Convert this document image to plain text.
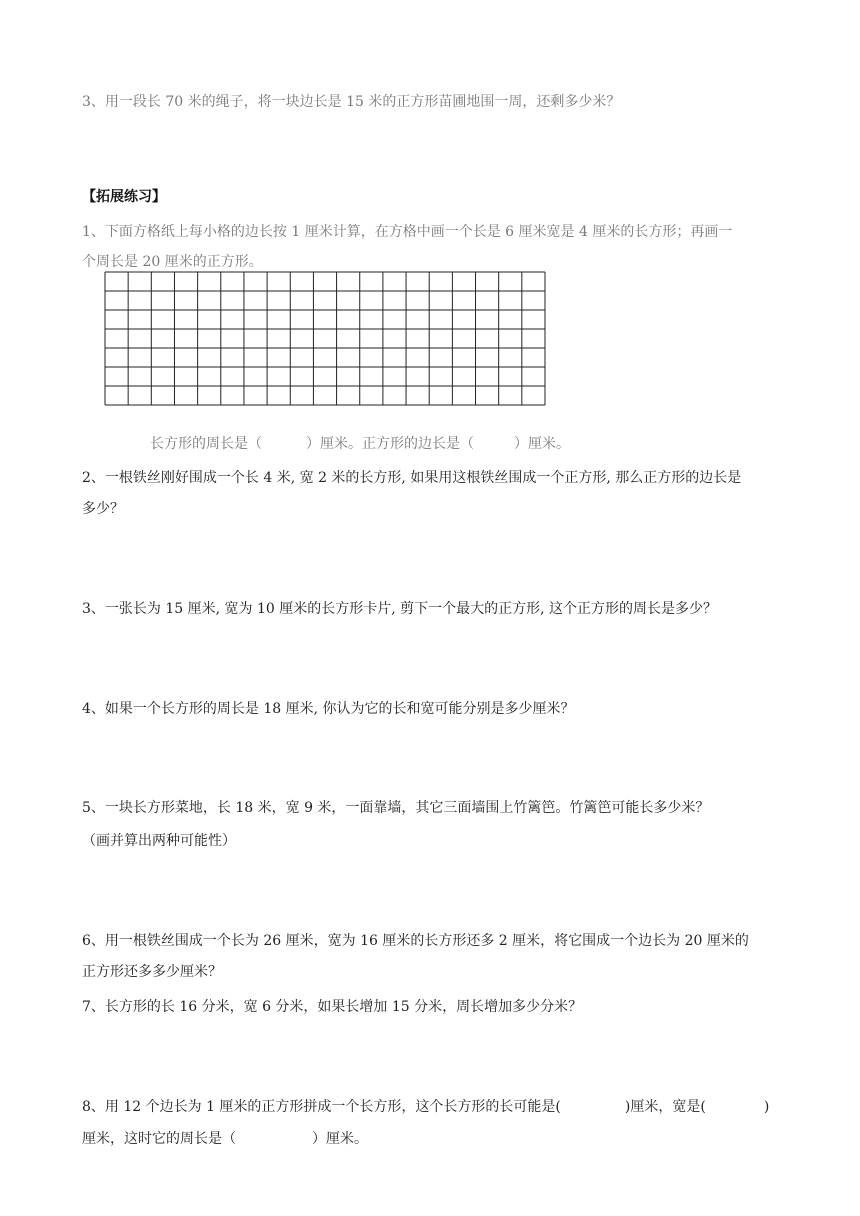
3、用一段长 70 米的绳子，将一块边长是 15 米的正方形苗圃地围一周，还剩多少米？
【拓展练习】
1、下面方格纸上每小格的边长按 1 厘米计算，在方格中画一个长是 6 厘米宽是 4 厘米的长方形；再画一
个周长是 20 厘米的正方形。
长方形的周长是（	）厘米。正方形的边长是（	）厘米。
2、一根铁丝刚好围成一个长 4 米, 宽 2 米的长方形, 如果用这根铁丝围成一个正方形, 那么正方形的边长是
多少？
3、一张长为 15 厘米, 宽为 10 厘米的长方形卡片, 剪下一个最大的正方形, 这个正方形的周长是多少？
4、如果一个长方形的周长是 18 厘米, 你认为它的长和宽可能分别是多少厘米？
5、一块长方形菜地，长 18 米，宽 9 米，一面靠墙，其它三面墙围上竹篱笆。竹篱笆可能长多少米？
（画并算出两种可能性）
6、用一根铁丝围成一个长为 26 厘米，宽为 16 厘米的长方形还多 2 厘米，将它围成一个边长为 20 厘米的
正方形还多多少厘米？
7、长方形的长 16 分米，宽 6 分米，如果长增加 15 分米，周长增加多少分米？
8、用 12 个边长为 1 厘米的正方形拼成一个长方形，这个长方形的长可能是(	)厘米，宽是(	)
厘米，这时它的周长是（	）厘米。
